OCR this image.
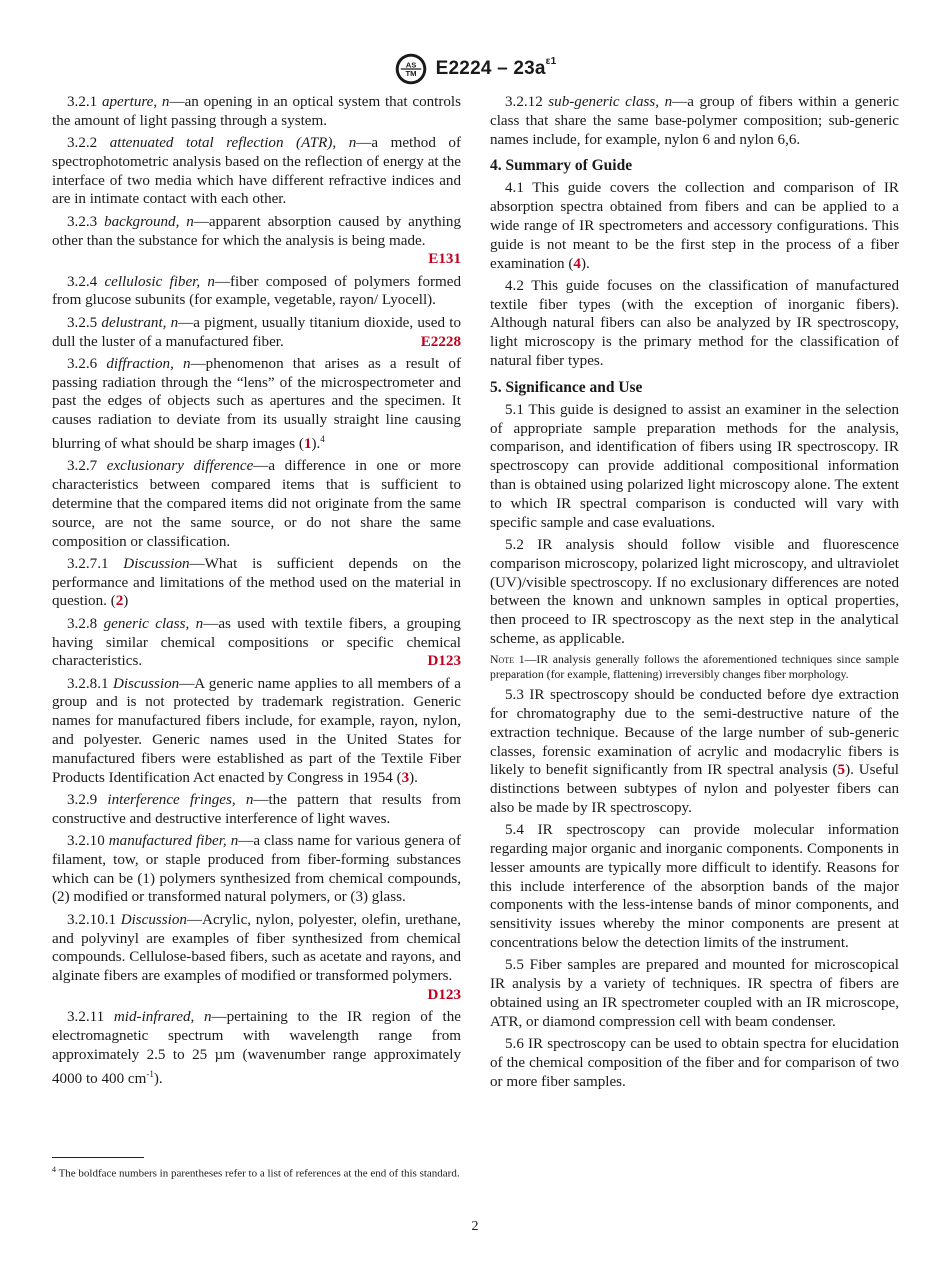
AS
TM $E2224 - 23a^{\varepsilon 1}$

3.2.1 aperture, n—an opening in an optical system that controls the amount of light passing through a system.

3.2.2 attenuated total reflection (ATR), n—a method of spectrophotometric analysis based on the reflection of energy at the interface of two media which have different refractive indices and are in intimate contact with each other.

3.2.3 background, n—apparent absorption caused by anything other than the substance for which the analysis is being made.
E131

3.2.4 cellulosic fiber, n—fiber composed of polymers formed from glucose subunits (for example, vegetable, rayon/ Lyocell).

3.2.5 delustrant, n—a pigment, usually titanium dioxide, used to dull the luster of a manufactured fiber.	E2228

3.2.6 diffraction, n—phenomenon that arises as a result of passing radiation through the “lens” of the microspectrometer and past the edges of objects such as apertures and the specimen. It causes radiation to deviate from its usually straight line causing blurring of what should be sharp images (1).$^4$

3.2.7 exclusionary difference—a difference in one or more characteristics between compared items that is sufficient to determine that the compared items did not originate from the same source, are not the same source, or do not share the same composition or classification.

3.2.7.1 Discussion—What is sufficient depends on the performance and limitations of the method used on the material in question. (2)

3.2.8 generic class, n—as used with textile fibers, a grouping having similar chemical compositions or specific chemical characteristics.	D123

3.2.8.1 Discussion—A generic name applies to all members of a group and is not protected by trademark registration. Generic names for manufactured fibers include, for example, rayon, nylon, and polyester. Generic names used in the United States for manufactured fibers were established as part of the Textile Fiber Products Identification Act enacted by Congress in 1954 (3).

3.2.9 interference fringes, n—the pattern that results from constructive and destructive interference of light waves.

3.2.10 manufactured fiber, n—a class name for various genera of filament, tow, or staple produced from fiber-forming substances which can be (1) polymers synthesized from chemical compounds, (2) modified or transformed natural polymers, or (3) glass.

3.2.10.1 Discussion—Acrylic, nylon, polyester, olefin, urethane, and polyvinyl are examples of fiber synthesized from chemical compounds. Cellulose-based fibers, such as acetate and rayons, and alginate fibers are examples of modified or transformed polymers.
D123

3.2.11 mid-infrared, n—pertaining to the IR region of the electromagnetic spectrum with wavelength range from approximately 2.5 to 25 µm (wavenumber range approximately 4000 to 400 $cm^{-1}$).

$^4$ The boldface numbers in parentheses refer to a list of references at the end of this standard.

3.2.12 sub-generic class, n—a group of fibers within a generic class that share the same base-polymer composition; sub-generic names include, for example, nylon 6 and nylon 6,6.

4. Summary of Guide

4.1 This guide covers the collection and comparison of IR absorption spectra obtained from fibers and can be applied to a wide range of IR spectrometers and accessory configurations. This guide is not meant to be the first step in the process of a fiber examination (4).

4.2 This guide focuses on the classification of manufactured textile fiber types (with the exception of inorganic fibers). Although natural fibers can also be analyzed by IR spectroscopy, light microscopy is the primary method for the classification of natural fiber types.

5. Significance and Use

5.1 This guide is designed to assist an examiner in the selection of appropriate sample preparation methods for the analysis, comparison, and identification of fibers using IR spectroscopy. IR spectroscopy can provide additional compositional information than is obtained using polarized light microscopy alone. The extent to which IR spectral comparison is conducted will vary with specific sample and case evaluations.

5.2 IR analysis should follow visible and fluorescence comparison microscopy, polarized light microscopy, and ultraviolet (UV)/visible spectroscopy. If no exclusionary differences are noted between the known and unknown samples in optical properties, then proceed to IR spectroscopy as the next step in the analytical scheme, as applicable.

Note 1—IR analysis generally follows the aforementioned techniques since sample preparation (for example, flattening) irreversibly changes fiber morphology.

5.3 IR spectroscopy should be conducted before dye extraction for chromatography due to the semi-destructive nature of the extraction technique. Because of the large number of sub-generic classes, forensic examination of acrylic and modacrylic fibers is likely to benefit significantly from IR spectral analysis (5). Useful distinctions between subtypes of nylon and polyester fibers can also be made by IR spectroscopy.

5.4 IR spectroscopy can provide molecular information regarding major organic and inorganic components. Components in lesser amounts are typically more difficult to identify. Reasons for this include interference of the absorption bands of the major components with the less-intense bands of minor components, and sensitivity issues whereby the minor components are present at concentrations below the detection limits of the instrument.

5.5 Fiber samples are prepared and mounted for microscopical IR analysis by a variety of techniques. IR spectra of fibers are obtained using an IR spectrometer coupled with an IR microscope, ATR, or diamond compression cell with beam condenser.

5.6 IR spectroscopy can be used to obtain spectra for elucidation of the chemical composition of the fiber and for comparison of two or more fiber samples.

2
